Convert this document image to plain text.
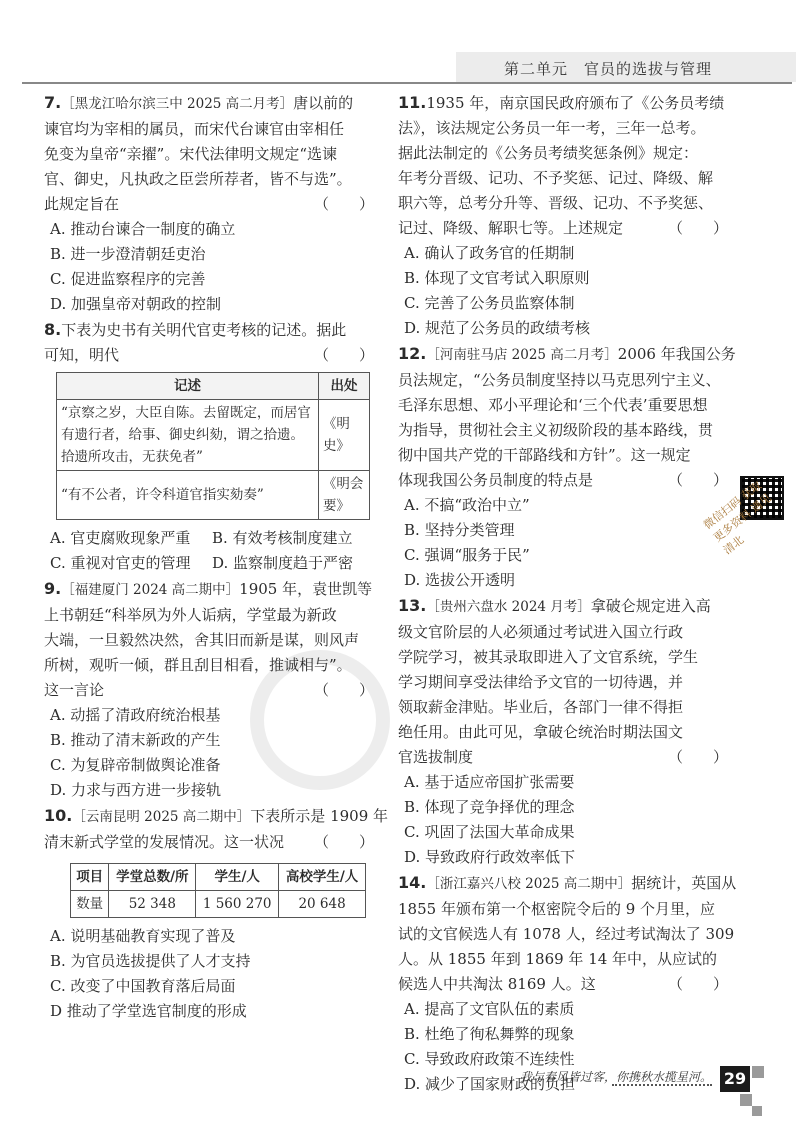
第二单元　官员的选拔与管理
微信扫码 获取更多资料 遇见清北
7.［黑龙江哈尔滨三中 2025 高二月考］唐以前的
谏官均为宰相的属员，而宋代台谏官由宰相任
免变为皇帝“亲擢”。宋代法律明文规定“选谏
官、御史，凡执政之臣尝所荐者，皆不与选”。
此规定旨在	（　　）
A. 推动台谏合一制度的确立
B. 进一步澄清朝廷吏治
C. 促进监察程序的完善
D. 加强皇帝对朝政的控制
8.下表为史书有关明代官吏考核的记述。据此
可知，明代	（　　）
记述	出处
“京察之岁，大臣自陈。去留既定，而居官有遗行者，给事、御史纠劾，谓之拾遗。拾遗所攻击，无获免者”	《明史》
“有不公者，许令科道官指实劾奏”	《明会要》
A. 官吏腐败现象严重	B. 有效考核制度建立
C. 重视对官吏的管理	D. 监察制度趋于严密
9.［福建厦门 2024 高二期中］1905 年，袁世凯等
上书朝廷“科举夙为外人诟病，学堂最为新政
大端，一旦毅然决然，舍其旧而新是谋，则风声
所树，观听一倾，群且刮目相看，推诚相与”。
这一言论	（　　）
A. 动摇了清政府统治根基
B. 推动了清末新政的产生
C. 为复辟帝制做舆论准备
D. 力求与西方进一步接轨
10.［云南昆明 2025 高二期中］下表所示是 1909 年
清末新式学堂的发展情况。这一状况 （　　）
项目	学堂总数/所	学生/人	高校学生/人
数量	52 348	1 560 270	20 648
A. 说明基础教育实现了普及
B. 为官员选拔提供了人才支持
C. 改变了中国教育落后局面
D 推动了学堂选官制度的形成
11.1935 年，南京国民政府颁布了《公务员考绩
法》，该法规定公务员一年一考，三年一总考。
据此法制定的《公务员考绩奖惩条例》规定：
年考分晋级、记功、不予奖惩、记过、降级、解
职六等，总考分升等、晋级、记功、不予奖惩、
记过、降级、解职七等。上述规定	（　　）
A. 确认了政务官的任期制
B. 体现了文官考试入职原则
C. 完善了公务员监察体制
D. 规范了公务员的政绩考核
12.［河南驻马店 2025 高二月考］2006 年我国公务
员法规定，“公务员制度坚持以马克思列宁主义、
毛泽东思想、邓小平理论和‘三个代表’重要思想
为指导，贯彻社会主义初级阶段的基本路线，贯
彻中国共产党的干部路线和方针”。这一规定
体现我国公务员制度的特点是	（　　）
A. 不搞“政治中立”
B. 坚持分类管理
C. 强调“服务于民”
D. 选拔公开透明
13.［贵州六盘水 2024 月考］拿破仑规定进入高
级文官阶层的人必须通过考试进入国立行政
学院学习，被其录取即进入了文官系统，学生
学习期间享受法律给予文官的一切待遇，并
领取薪金津贴。毕业后，各部门一律不得拒
绝任用。由此可见，拿破仑统治时期法国文
官选拔制度	（　　）
A. 基于适应帝国扩张需要
B. 体现了竞争择优的理念
C. 巩固了法国大革命成果
D. 导致政府行政效率低下
14.［浙江嘉兴八校 2025 高二期中］据统计，英国从
1855 年颁布第一个枢密院令后的 9 个月里，应
试的文官候选人有 1078 人，经过考试淘汰了 309
人。从 1855 年到 1869 年 14 年中，从应试的
候选人中共淘汰 8169 人。这	（　　）
A. 提高了文官队伍的素质
B. 杜绝了徇私舞弊的现象
C. 导致政府政策不连续性
D. 减少了国家财政的负担
我与春风皆过客，你携秋水揽星河。 29
